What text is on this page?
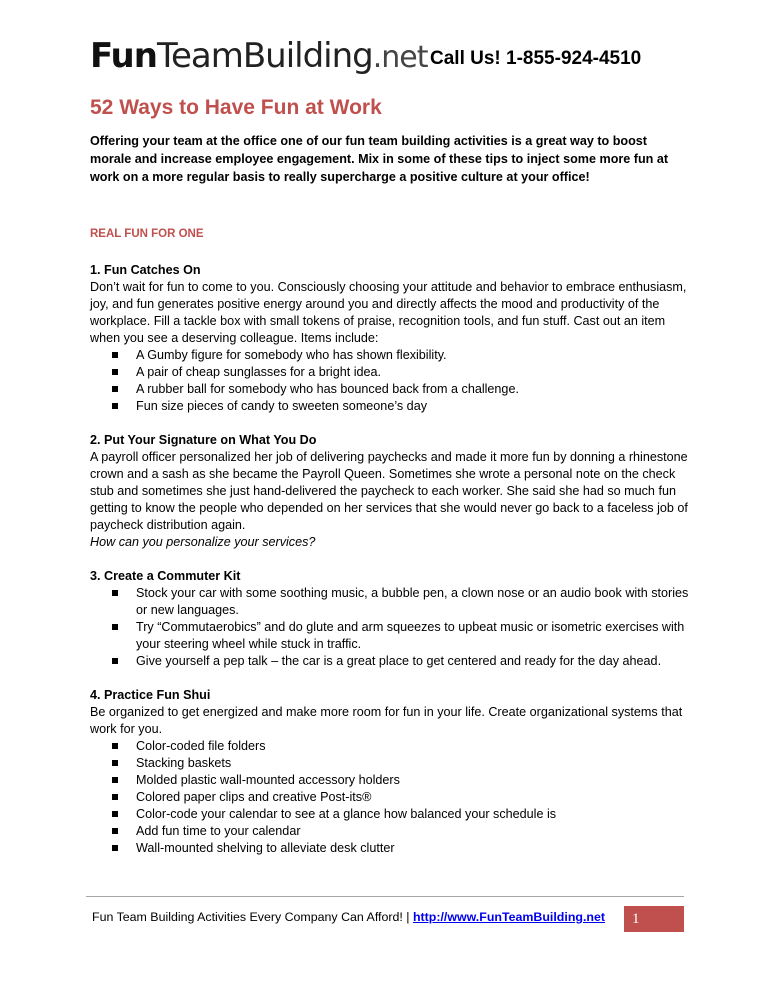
FunTeamBuilding.net Call Us! 1-855-924-4510
52 Ways to Have Fun at Work
Offering your team at the office one of our fun team building activities is a great way to boost morale and increase employee engagement. Mix in some of these tips to inject some more fun at work on a more regular basis to really supercharge a positive culture at your office!
REAL FUN FOR ONE
1. Fun Catches On

Don’t wait for fun to come to you. Consciously choosing your attitude and behavior to embrace enthusiasm, joy, and fun generates positive energy around you and directly affects the mood and productivity of the workplace. Fill a tackle box with small tokens of praise, recognition tools, and fun stuff. Cast out an item when you see a deserving colleague. Items include:

A Gumby figure for somebody who has shown flexibility.
A pair of cheap sunglasses for a bright idea.
A rubber ball for somebody who has bounced back from a challenge.
Fun size pieces of candy to sweeten someone’s day
2. Put Your Signature on What You Do

A payroll officer personalized her job of delivering paychecks and made it more fun by donning a rhinestone crown and a sash as she became the Payroll Queen. Sometimes she wrote a personal note on the check stub and sometimes she just hand-delivered the paycheck to each worker. She said she had so much fun getting to know the people who depended on her services that she would never go back to a faceless job of paycheck distribution again.

How can you personalize your services?

3. Create a Commuter Kit
Stock your car with some soothing music, a bubble pen, a clown nose or an audio book with stories or new languages.
Try “Commutaerobics” and do glute and arm squeezes to upbeat music or isometric exercises with your steering wheel while stuck in traffic.
Give yourself a pep talk – the car is a great place to get centered and ready for the day ahead.
4. Practice Fun Shui

Be organized to get energized and make more room for fun in your life. Create organizational systems that work for you.

Color-coded file folders
Stacking baskets
Molded plastic wall-mounted accessory holders
Colored paper clips and creative Post-its®
Color-code your calendar to see at a glance how balanced your schedule is
Add fun time to your calendar
Wall-mounted shelving to alleviate desk clutter
Fun Team Building Activities Every Company Can Afford! | http://www.FunTeamBuilding.net	1
